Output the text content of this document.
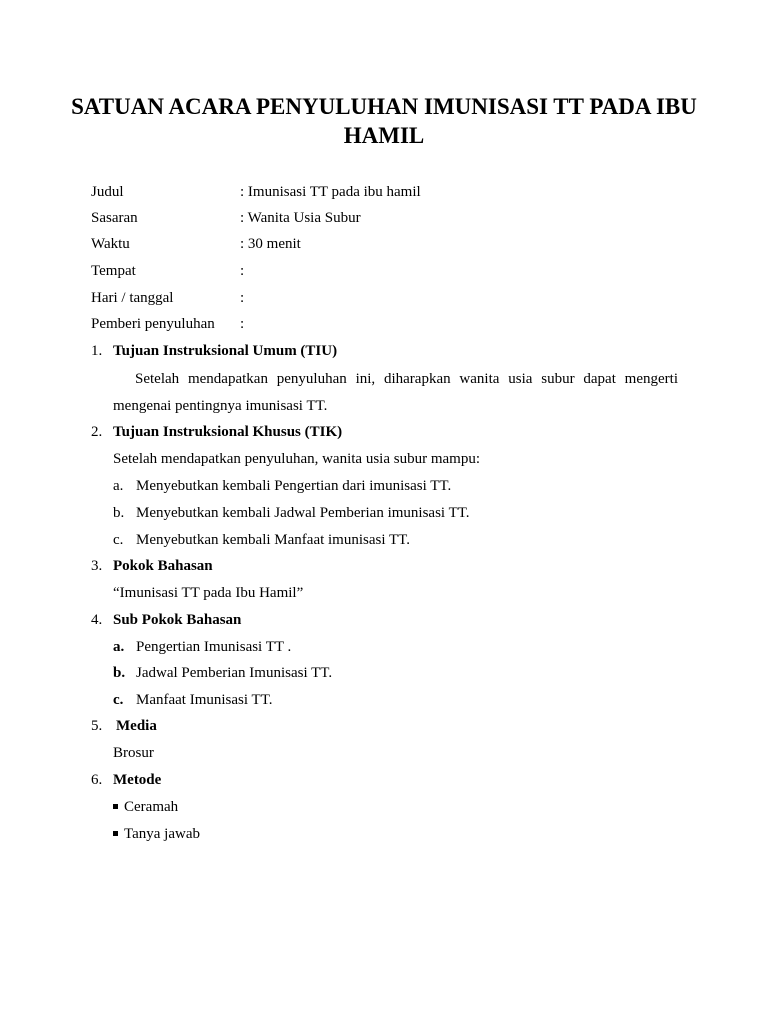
SATUAN ACARA PENYULUHAN IMUNISASI TT PADA IBU HAMIL
Judul	: Imunisasi TT pada ibu hamil
Sasaran	: Wanita Usia Subur
Waktu	: 30 menit
Tempat	:
Hari / tanggal	:
Pemberi penyuluhan :
1. Tujuan Instruksional Umum (TIU)
Setelah mendapatkan penyuluhan ini, diharapkan wanita usia subur dapat mengerti
mengenai pentingnya imunisasi TT.
2. Tujuan Instruksional Khusus (TIK)
Setelah mendapatkan penyuluhan, wanita usia subur mampu:
a. Menyebutkan kembali Pengertian dari imunisasi TT.
b. Menyebutkan kembali Jadwal Pemberian imunisasi TT.
c. Menyebutkan kembali Manfaat imunisasi TT.
3. Pokok Bahasan
“Imunisasi TT pada Ibu Hamil”
4. Sub Pokok Bahasan
a. Pengertian Imunisasi TT .
b. Jadwal Pemberian Imunisasi TT.
c. Manfaat Imunisasi TT.
5. Media
Brosur
6. Metode
Ceramah
Tanya jawab
